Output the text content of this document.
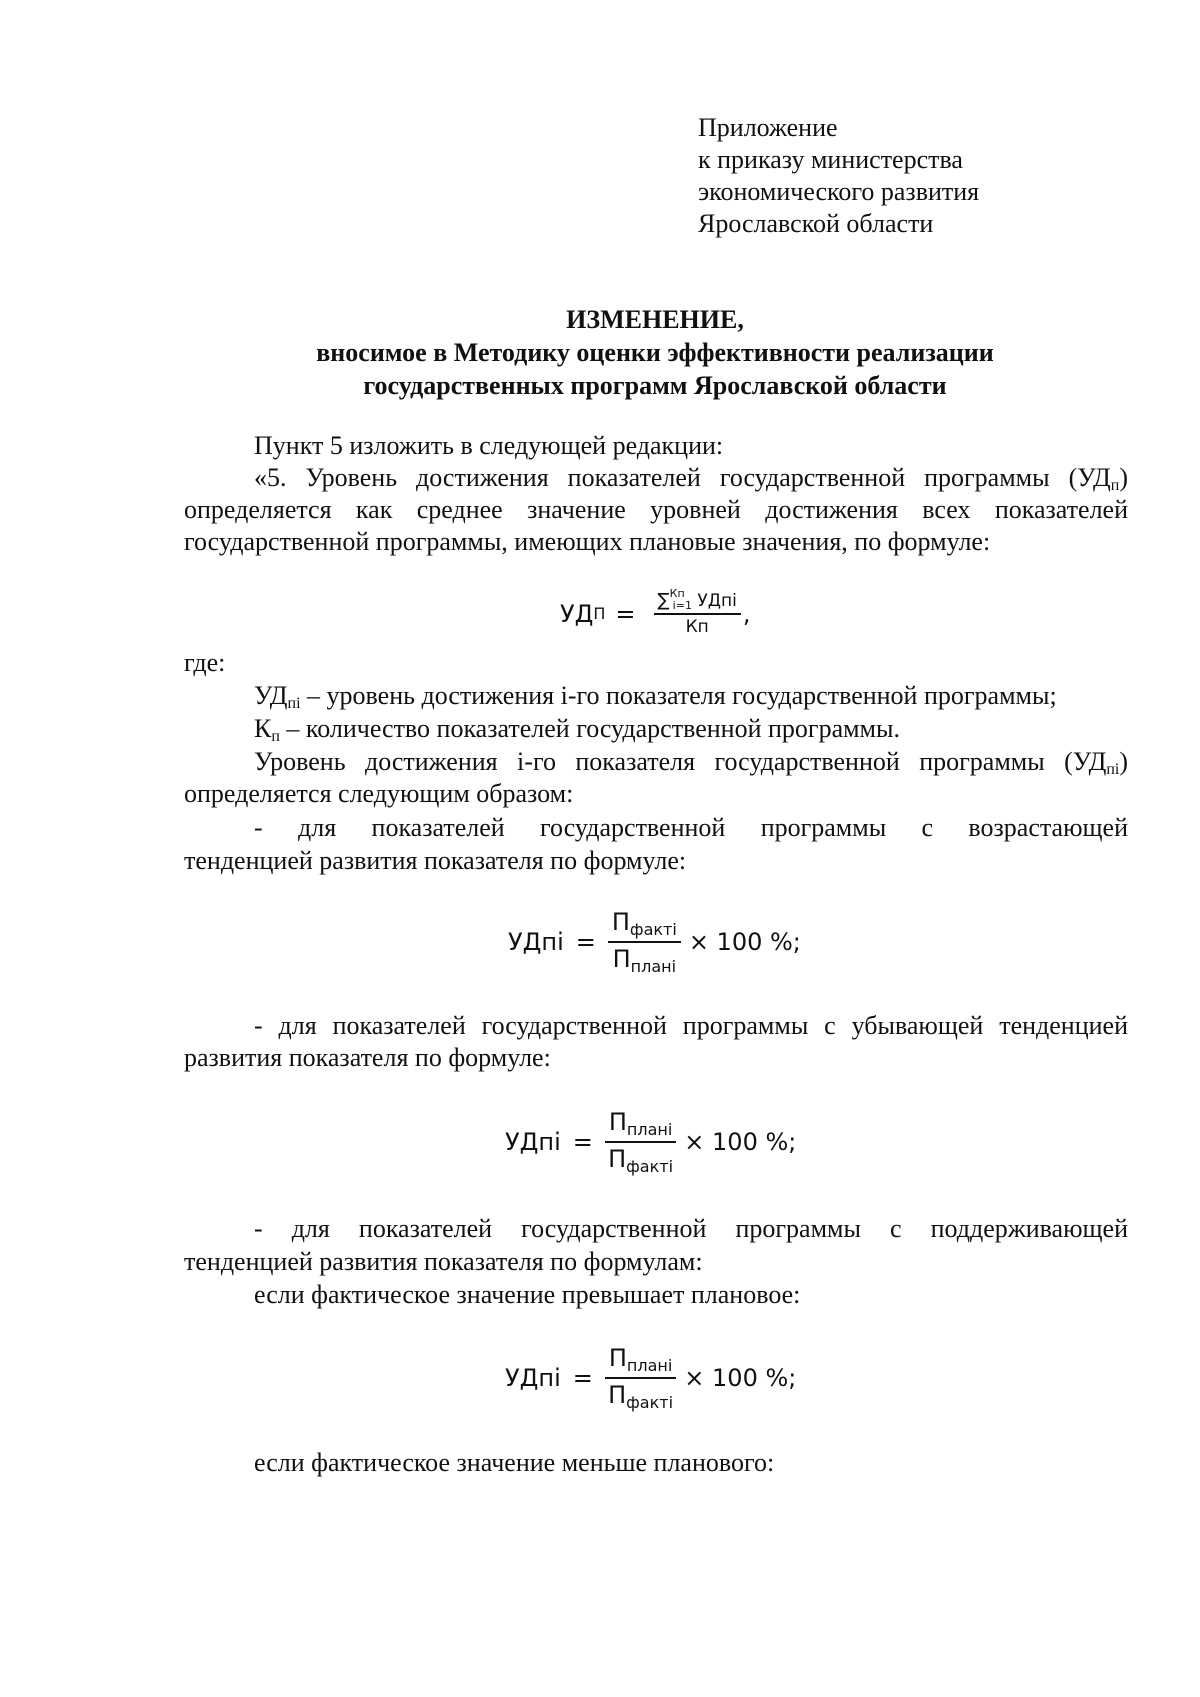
Приложение
к приказу министерства
экономического развития
Ярославской области
ИЗМЕНЕНИЕ,
вносимое в Методику оценки эффективности реализации
государственных программ Ярославской области
Пункт 5 изложить в следующей редакции:
«5. Уровень достижения показателей государственной программы $(УД_п)$ определяется как среднее значение уровней достижения всех показателей государственной программы, имеющих плановые значения, по формуле:
УД $П = \frac{\sum^{Кп}i=1 УДпi}{Кп}$ ,
где:
$УД_{пi}$ – уровень достижения i-го показателя государственной программы;
$К_п$ – количество показателей государственной программы.
Уровень достижения i-го показателя государственной программы $(УД_{пi})$ определяется следующим образом:
- для показателей государственной программы с возрастающей
тенденцией развития показателя по формуле:
УДпi = $\frac{П_{фактi}}{П_{планi}} \times 100$ %;
- для показателей государственной программы с убывающей тенденцией развития показателя по формуле:
УДпi = $\frac{П_{планi}}{П_{фактi}} \times 100$ %;
- для показателей государственной программы с поддерживающей
тенденцией развития показателя по формулам:
если фактическое значение превышает плановое:
УДпi = $\frac{П_{планi}}{П_{фактi}} \times 100$ %;
если фактическое значение меньше планового:
